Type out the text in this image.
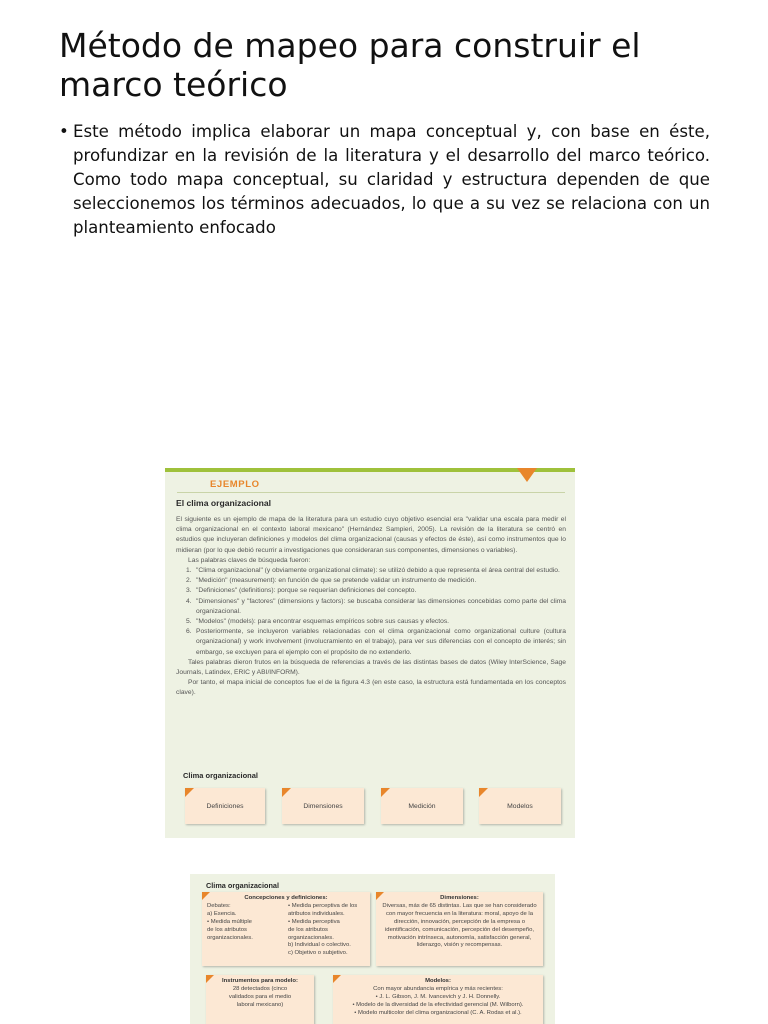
Método de mapeo para construir el marco teórico
• Este método implica elaborar un mapa conceptual y, con base en éste, profundizar en la revisión de la literatura y el desarrollo del marco teórico. Como todo mapa conceptual, su claridad y estructura dependen de que seleccionemos los términos adecuados, lo que a su vez se relaciona con un planteamiento enfocado
EJEMPLO
El clima organizacional

El siguiente es un ejemplo de mapa de la literatura para un estudio cuyo objetivo esencial era "validar una escala para medir el clima organizacional en el contexto laboral mexicano" (Hernández Sampieri, 2005). La revisión de la literatura se centró en estudios que incluyeran definiciones y modelos del clima organizacional (causas y efectos de éste), así como instrumentos que lo midieran (por lo que debió recurrir a investigaciones que consideraran sus componentes, dimensiones o variables).

Las palabras claves de búsqueda fueron:

1. "Clima organizacional" (y obviamente organizational climate): se utilizó debido a que representa el área central del estudio.
2. "Medición" (measurement): en función de que se pretende validar un instrumento de medición.
3. "Definiciones" (definitions): porque se requerían definiciones del concepto.
4. "Dimensiones" y "factores" (dimensions y factors): se buscaba considerar las dimensiones concebidas como parte del clima organizacional.
5. "Modelos" (models): para encontrar esquemas empíricos sobre sus causas y efectos.
6. Posteriormente, se incluyeron variables relacionadas con el clima organizacional como organizational culture (cultura organizacional) y work involvement (involucramiento en el trabajo), para ver sus diferencias con el concepto de interés; sin embargo, se excluyen para el ejemplo con el propósito de no extenderlo.

Tales palabras dieron frutos en la búsqueda de referencias a través de las distintas bases de datos (Wiley InterScience, Sage Journals, Latindex, ERIC y ABI/INFORM).

Por tanto, el mapa inicial de conceptos fue el de la figura 4.3 (en este caso, la estructura está fundamentada en los conceptos clave).

Clima organizacional
Definiciones	Dimensiones	Medición	Modelos
Clima organizacional
Concepciones y definiciones:
Debates:
a) Esencia.
• Medida múltiple
de los atributos
organizacionales.
• Medida perceptiva de los
atributos individuales.
• Medida perceptiva
de los atributos
organizacionales.
b) Individual o colectivo.
c) Objetivo o subjetivo.
Dimensiones:
Diversas, más de 65 distintas. Las que se han considerado con mayor frecuencia en la literatura: moral, apoyo de la dirección, innovación, percepción de la empresa o identificación, comunicación, percepción del desempeño, motivación intrínseca, autonomía, satisfacción general, liderazgo, visión y recompensas.
Instrumentos para modelo:
28 detectados (cinco
validados para el medio
laboral mexicano)
Modelos:
Con mayor abundancia empírica y más recientes:
• J. L. Gibson, J. M. Ivancevich y J. H. Donnelly.
• Modelo de la diversidad de la efectividad gerencial (M. Wilborn).
• Modelo multicolor del clima organizacional (C. A. Rodas et al.).
